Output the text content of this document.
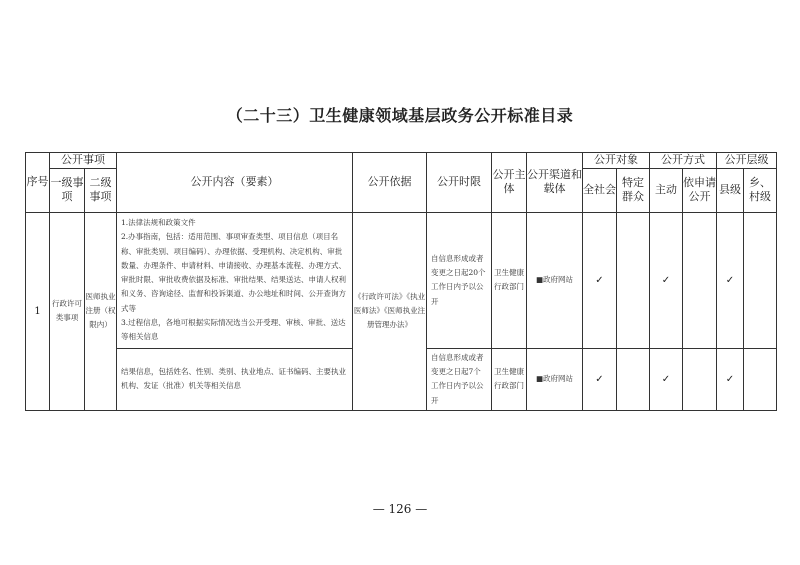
（二十三）卫生健康领域基层政务公开标准目录
序号	公开事项		公开内容（要素）	公开依据	公开时限	公开主体	公开渠道和载体	公开对象		公开方式		公开层级	
	一级事项	二级事项						全社会	特定群众	主动	依申请公开	县级	乡、村级
1	行政许可类事项	医师执业注册（权限内）	1.法律法规和政策文件
2.办事指南，包括：适用范围、事项审查类型、项目信息（项目名称、审批类别、项目编码）、办理依据、受理机构、决定机构、审批数量、办理条件、申请材料、申请接收、办理基本流程、办理方式、审批时限、审批收费依据及标准、审批结果、结果送达、申请人权利和义务、咨询途径、监督和投诉渠道、办公地址和时间、公开查询方式等
3.过程信息，各地可根据实际情况选当公开受理、审核、审批、送达等相关信息	《行政许可法》《执业医师法》《医师执业注册管理办法》	自信息形成或者变更之日起20个工作日内予以公开	卫生健康行政部门	■政府网站	✓		✓		✓	
			结果信息，包括姓名、性别、类别、执业地点、证书编码、主要执业机构、发证（批准）机关等相关信息		自信息形成或者变更之日起7个工作日内予以公开	卫生健康行政部门	■政府网站	✓		✓		✓	
— 126 —
